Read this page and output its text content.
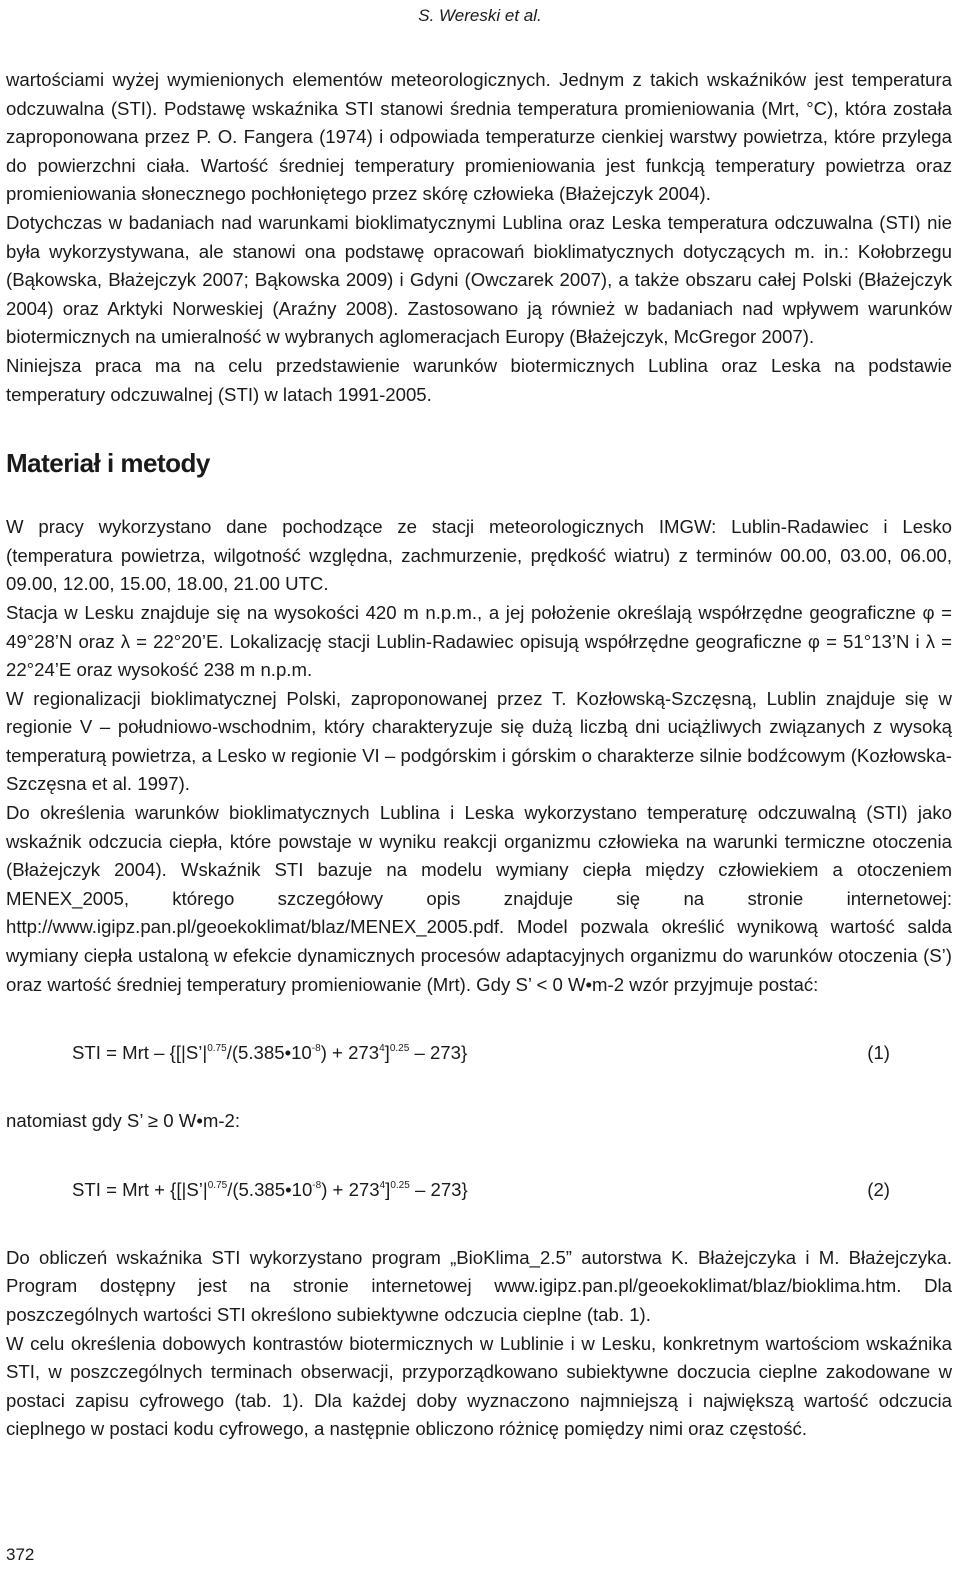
S. Wereski et al.

wartościami wyżej wymienionych elementów meteorologicznych. Jednym z takich wskaźników jest temperatura odczuwalna (STI). Podstawę wskaźnika STI stanowi średnia temperatura promieniowania (Mrt, °C), która została zaproponowana przez P. O. Fangera (1974) i odpowiada temperaturze cienkiej warstwy powietrza, które przylega do powierzchni ciała. Wartość średniej temperatury promieniowania jest funkcją temperatury powietrza oraz promieniowania słonecznego pochłoniętego przez skórę człowieka (Błażejczyk 2004).

Dotychczas w badaniach nad warunkami bioklimatycznymi Lublina oraz Leska temperatura odczuwalna (STI) nie była wykorzystywana, ale stanowi ona podstawę opracowań bioklimatycznych dotyczących m. in.: Kołobrzegu (Bąkowska, Błażejczyk 2007; Bąkowska 2009) i Gdyni (Owczarek 2007), a także obszaru całej Polski (Błażejczyk 2004) oraz Arktyki Norweskiej (Araźny 2008). Zastosowano ją również w badaniach nad wpływem warunków biotermicznych na umieralność w wybranych aglomeracjach Europy (Błażejczyk, McGregor 2007).

Niniejsza praca ma na celu przedstawienie warunków biotermicznych Lublina oraz Leska na podstawie temperatury odczuwalnej (STI) w latach 1991-2005.

Materiał i metody

W pracy wykorzystano dane pochodzące ze stacji meteorologicznych IMGW: Lublin-Radawiec i Lesko (temperatura powietrza, wilgotność względna, zachmurzenie, prędkość wiatru) z terminów 00.00, 03.00, 06.00, 09.00, 12.00, 15.00, 18.00, 21.00 UTC.

Stacja w Lesku znajduje się na wysokości 420 m n.p.m., a jej położenie określają współrzędne geograficzne φ = 49°28’N oraz λ = 22°20’E. Lokalizację stacji Lublin-Radawiec opisują współrzędne geograficzne φ = 51°13’N i λ = 22°24’E oraz wysokość 238 m n.p.m.

W regionalizacji bioklimatycznej Polski, zaproponowanej przez T. Kozłowską-Szczęsną, Lublin znajduje się w regionie V – południowo-wschodnim, który charakteryzuje się dużą liczbą dni uciążliwych związanych z wysoką temperaturą powietrza, a Lesko w regionie VI – podgórskim i górskim o charakterze silnie bodźcowym (Kozłowska-Szczęsna et al. 1997).

Do określenia warunków bioklimatycznych Lublina i Leska wykorzystano temperaturę odczuwalną (STI) jako wskaźnik odczucia ciepła, które powstaje w wyniku reakcji organizmu człowieka na warunki termiczne otoczenia (Błażejczyk 2004). Wskaźnik STI bazuje na modelu wymiany ciepła między człowiekiem a otoczeniem MENEX_2005, którego szczegółowy opis znajduje się na stronie internetowej: http://www.igipz.pan.pl/geoekoklimat/blaz/MENEX_2005.pdf. Model pozwala określić wynikową wartość salda wymiany ciepła ustaloną w efekcie dynamicznych procesów adaptacyjnych organizmu do warunków otoczenia (S’) oraz wartość średniej temperatury promieniowanie (Mrt). Gdy S’ < 0 W•m-2 wzór przyjmuje postać:

STI = Mrt – $\{[|S’|^{0.75}/(5.385•10^{-8}) + 273^4]^{0.25} - 273\}$	(1)

natomiast gdy S’ ≥ 0 W•m-2:

STI = Mrt + $\{[|S’|^{0.75}/(5.385•10^{-8}) + 273^4]^{0.25} - 273\}$	(2)

Do obliczeń wskaźnika STI wykorzystano program „BioKlima_2.5” autorstwa K. Błażejczyka i M. Błażejczyka. Program dostępny jest na stronie internetowej www.igipz.pan.pl/geoekoklimat/blaz/bioklima.htm. Dla poszczególnych wartości STI określono subiektywne odczucia cieplne (tab. 1).

W celu określenia dobowych kontrastów biotermicznych w Lublinie i w Lesku, konkretnym wartościom wskaźnika STI, w poszczególnych terminach obserwacji, przyporządkowano subiektywne doczucia cieplne zakodowane w postaci zapisu cyfrowego (tab. 1). Dla każdej doby wyznaczono najmniejszą i największą wartość odczucia cieplnego w postaci kodu cyfrowego, a następnie obliczono różnicę pomiędzy nimi oraz częstość.

372
